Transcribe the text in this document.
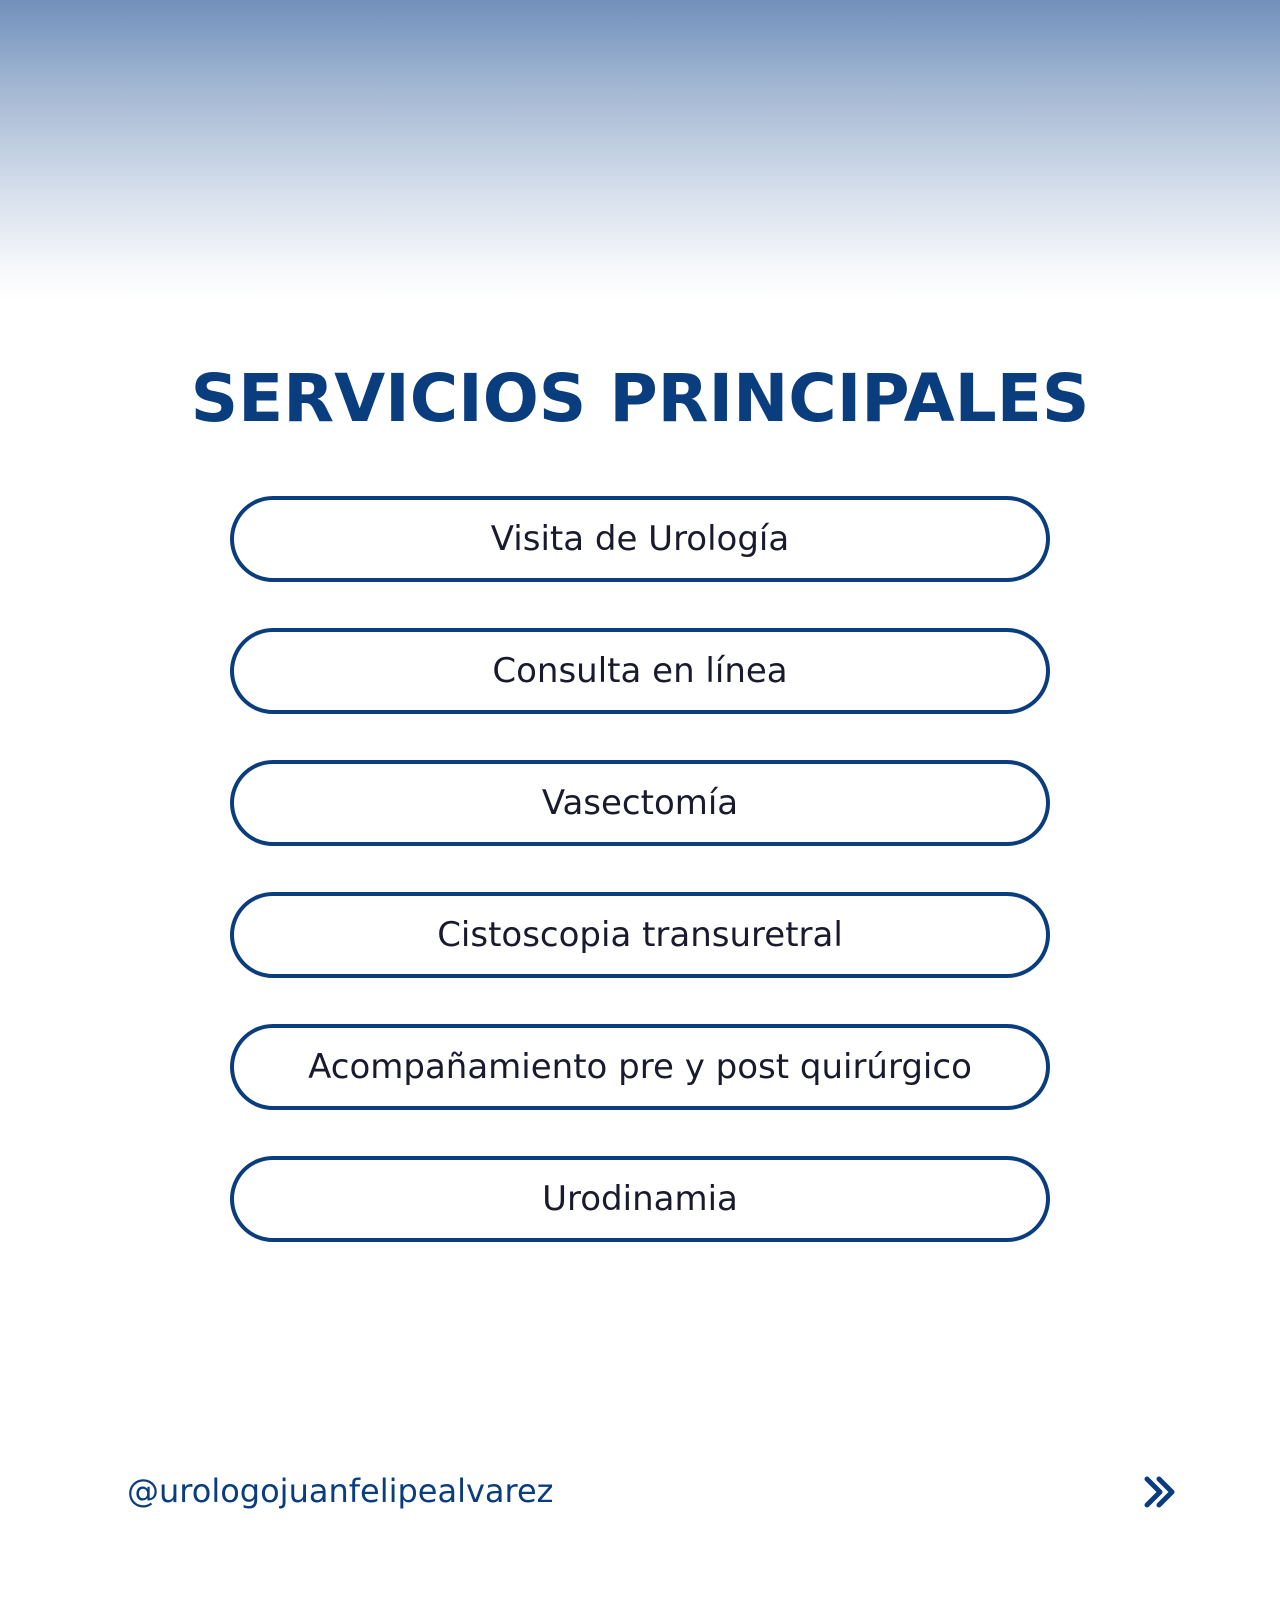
SERVICIOS PRINCIPALES
Visita de Urología
Consulta en línea
Vasectomía
Cistoscopia transuretral
Acompañamiento pre y post quirúrgico
Urodinamia
@urologojuanfelipealvarez
